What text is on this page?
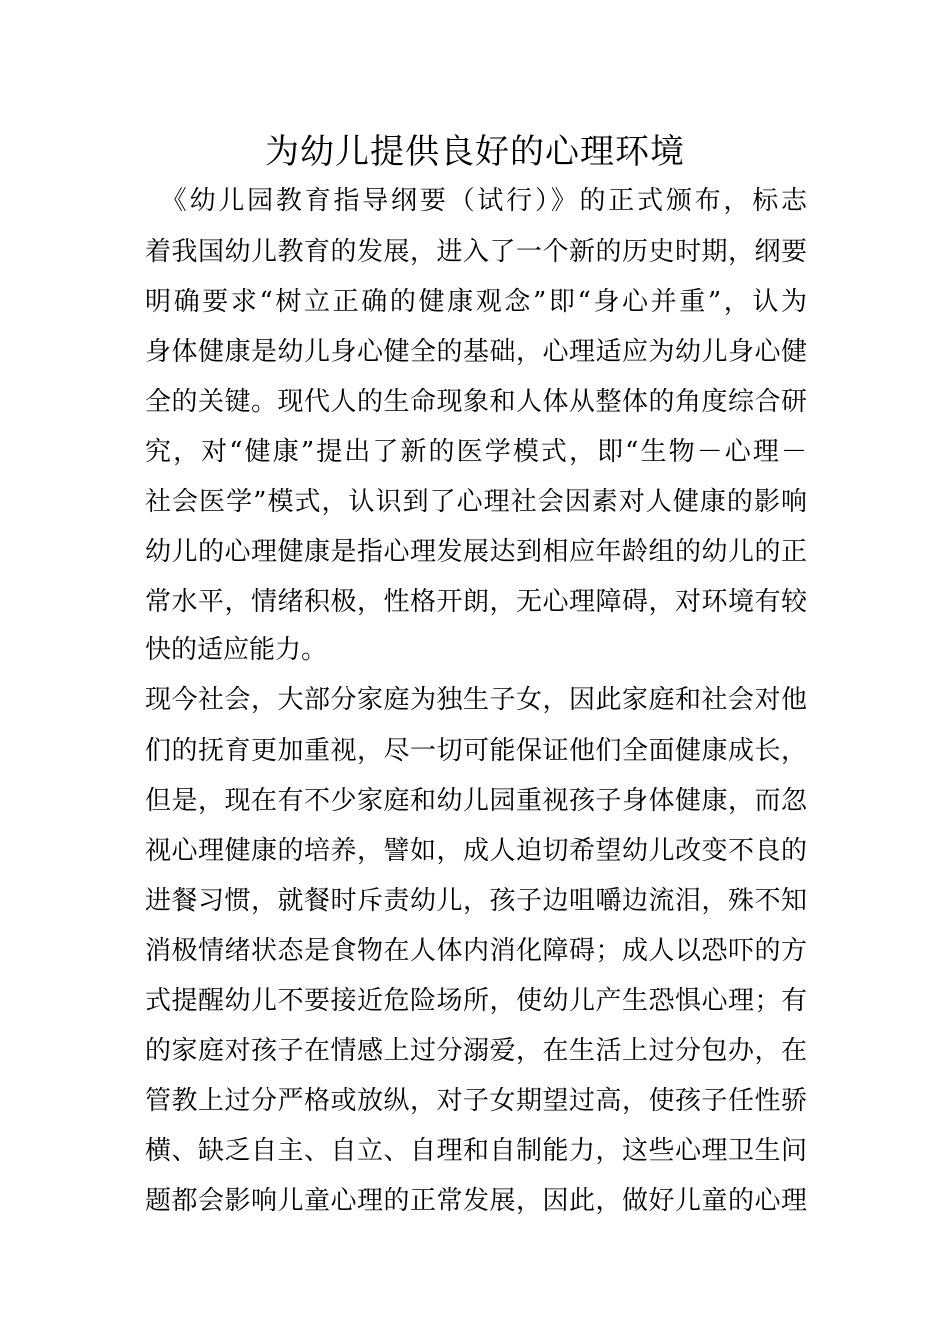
为幼儿提供良好的心理环境

　《幼儿园教育指导纲要（试行）》的正式颁布，标志

着我国幼儿教育的发展，进入了一个新的历史时期，纲要

明确要求“树立正确的健康观念”即“身心并重”，认为

身体健康是幼儿身心健全的基础，心理适应为幼儿身心健

全的关键。现代人的生命现象和人体从整体的角度综合研

究，对“健康”提出了新的医学模式，即“生物－心理－

社会医学”模式，认识到了心理社会因素对人健康的影响

幼儿的心理健康是指心理发展达到相应年龄组的幼儿的正

常水平，情绪积极，性格开朗，无心理障碍，对环境有较

快的适应能力。

现今社会，大部分家庭为独生子女，因此家庭和社会对他

们的抚育更加重视，尽一切可能保证他们全面健康成长，

但是，现在有不少家庭和幼儿园重视孩子身体健康，而忽

视心理健康的培养，譬如，成人迫切希望幼儿改变不良的

进餐习惯，就餐时斥责幼儿，孩子边咀嚼边流泪，殊不知

消极情绪状态是食物在人体内消化障碍；成人以恐吓的方

式提醒幼儿不要接近危险场所，使幼儿产生恐惧心理；有

的家庭对孩子在情感上过分溺爱，在生活上过分包办，在

管教上过分严格或放纵，对子女期望过高，使孩子任性骄

横、缺乏自主、自立、自理和自制能力，这些心理卫生问

题都会影响儿童心理的正常发展，因此，做好儿童的心理
